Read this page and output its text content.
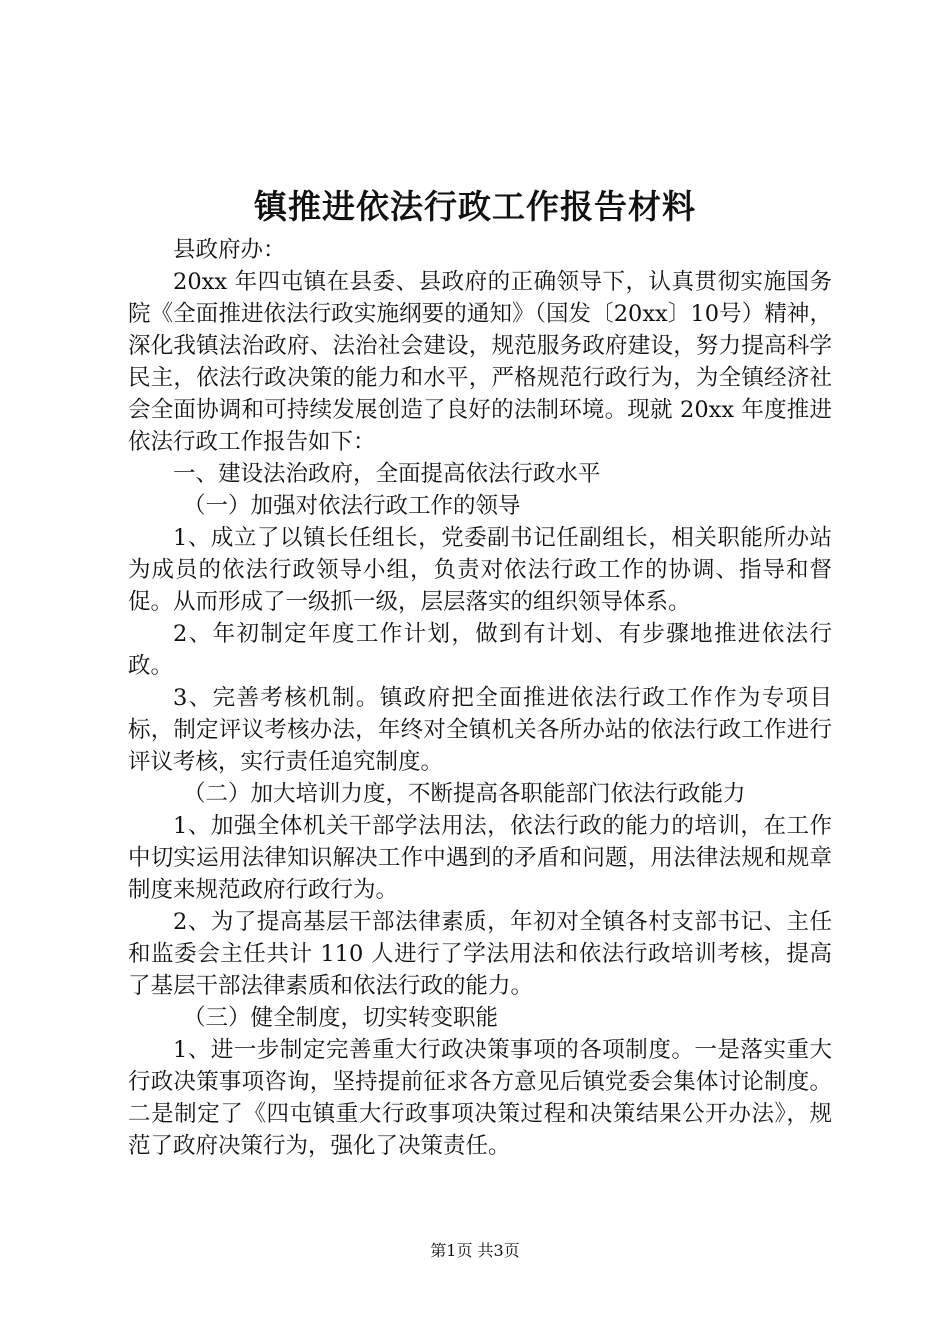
镇推进依法行政工作报告材料

县政府办：

20xx 年四屯镇在县委、县政府的正确领导下，认真贯彻实施国务院《全面推进依法行政实施纲要的通知》（国发〔20xx〕10号）精神，深化我镇法治政府、法治社会建设，规范服务政府建设，努力提高科学民主，依法行政决策的能力和水平，严格规范行政行为，为全镇经济社会全面协调和可持续发展创造了良好的法制环境。现就 20xx 年度推进依法行政工作报告如下：

一、建设法治政府，全面提高依法行政水平

（一）加强对依法行政工作的领导

1、成立了以镇长任组长，党委副书记任副组长，相关职能所办站为成员的依法行政领导小组，负责对依法行政工作的协调、指导和督促。从而形成了一级抓一级，层层落实的组织领导体系。

2、年初制定年度工作计划，做到有计划、有步骤地推进依法行政。

3、完善考核机制。镇政府把全面推进依法行政工作作为专项目标，制定评议考核办法，年终对全镇机关各所办站的依法行政工作进行评议考核，实行责任追究制度。

（二）加大培训力度，不断提高各职能部门依法行政能力

1、加强全体机关干部学法用法，依法行政的能力的培训，在工作中切实运用法律知识解决工作中遇到的矛盾和问题，用法律法规和规章制度来规范政府行政行为。

2、为了提高基层干部法律素质，年初对全镇各村支部书记、主任和监委会主任共计 110 人进行了学法用法和依法行政培训考核，提高了基层干部法律素质和依法行政的能力。

（三）健全制度，切实转变职能

1、进一步制定完善重大行政决策事项的各项制度。一是落实重大行政决策事项咨询，坚持提前征求各方意见后镇党委会集体讨论制度。二是制定了《四屯镇重大行政事项决策过程和决策结果公开办法》，规范了政府决策行为，强化了决策责任。

第1页 共3页
